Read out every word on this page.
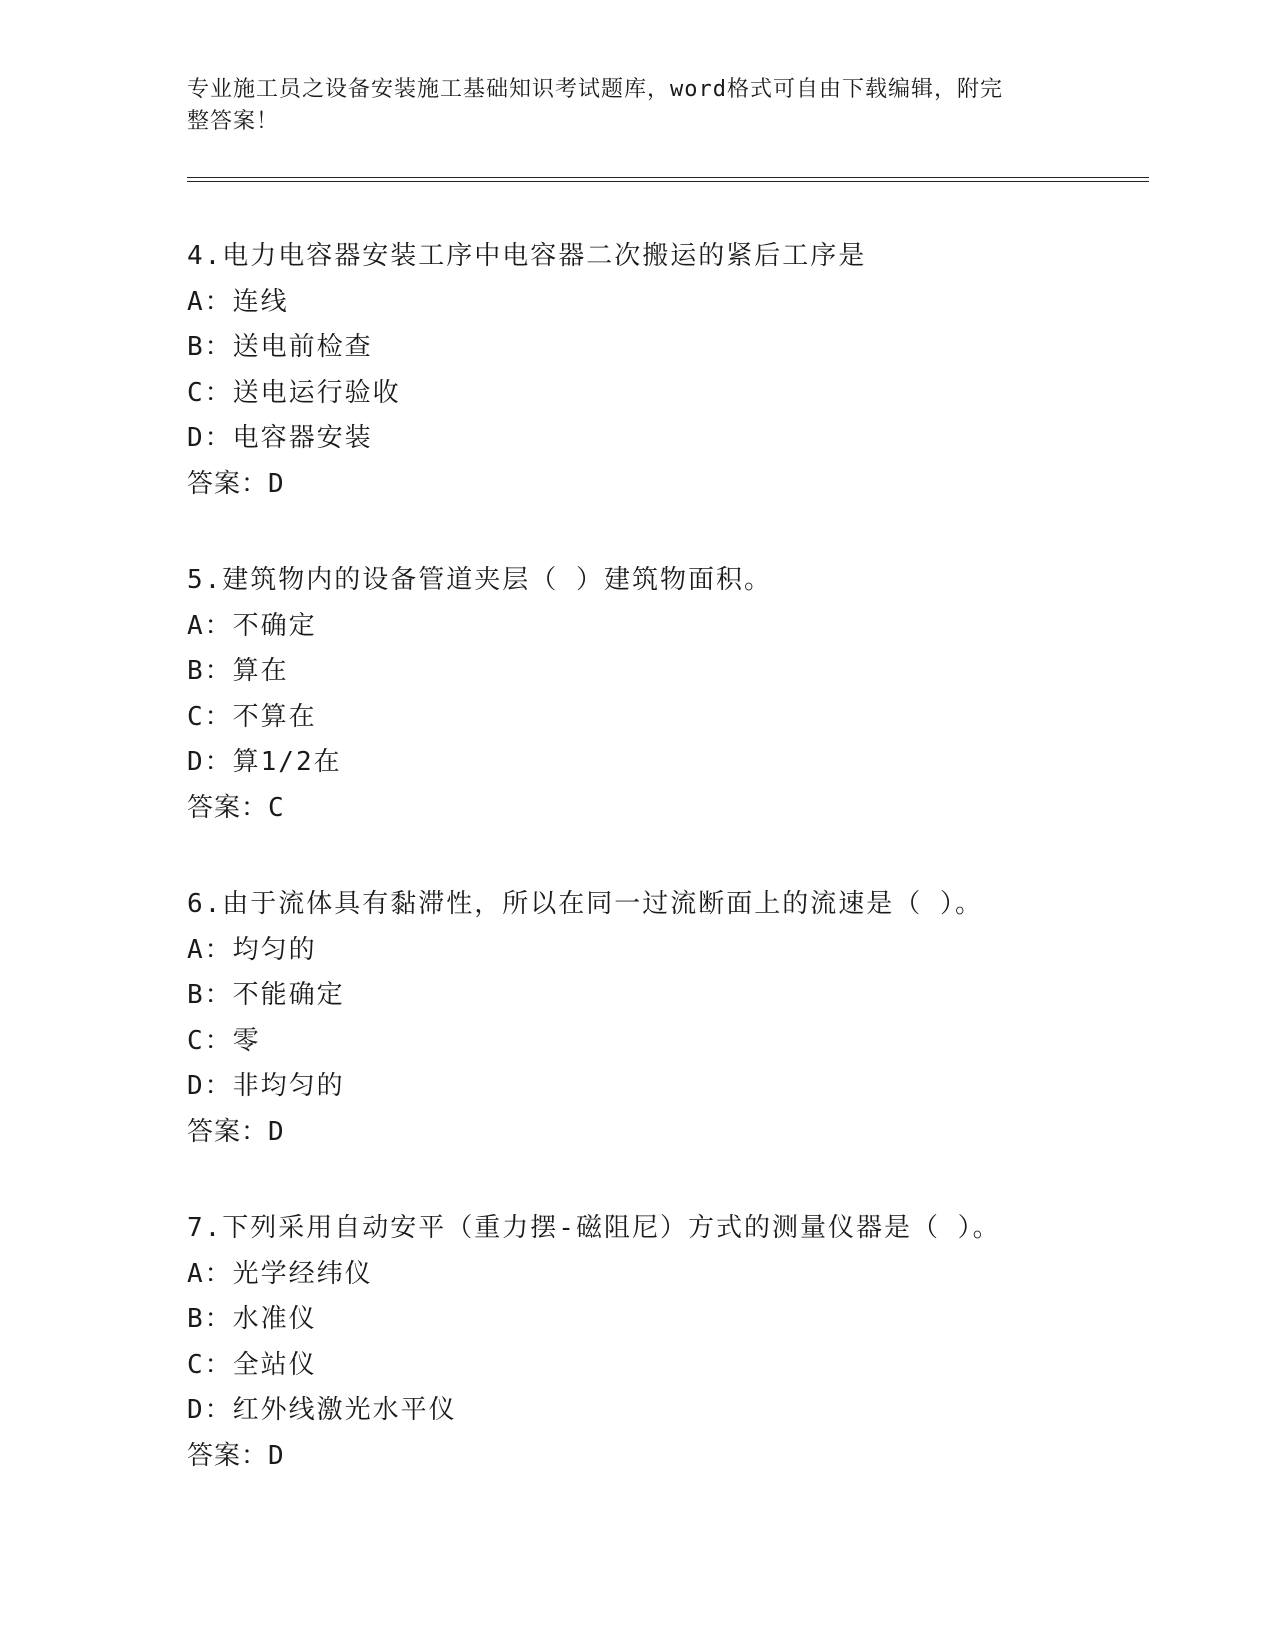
专业施工员之设备安装施工基础知识考试题库，word格式可自由下载编辑，附完
整答案！
4.电力电容器安装工序中电容器二次搬运的紧后工序是
A：连线
B：送电前检查
C：送电运行验收
D：电容器安装
答案：D
5.建筑物内的设备管道夹层（ ）建筑物面积。
A：不确定
B：算在
C：不算在
D：算1/2在
答案：C
6.由于流体具有黏滞性，所以在同一过流断面上的流速是（ ）。
A：均匀的
B：不能确定
C：零
D：非均匀的
答案：D
7.下列采用自动安平（重力摆-磁阻尼）方式的测量仪器是（ ）。
A：光学经纬仪
B：水准仪
C：全站仪
D：红外线激光水平仪
答案：D
